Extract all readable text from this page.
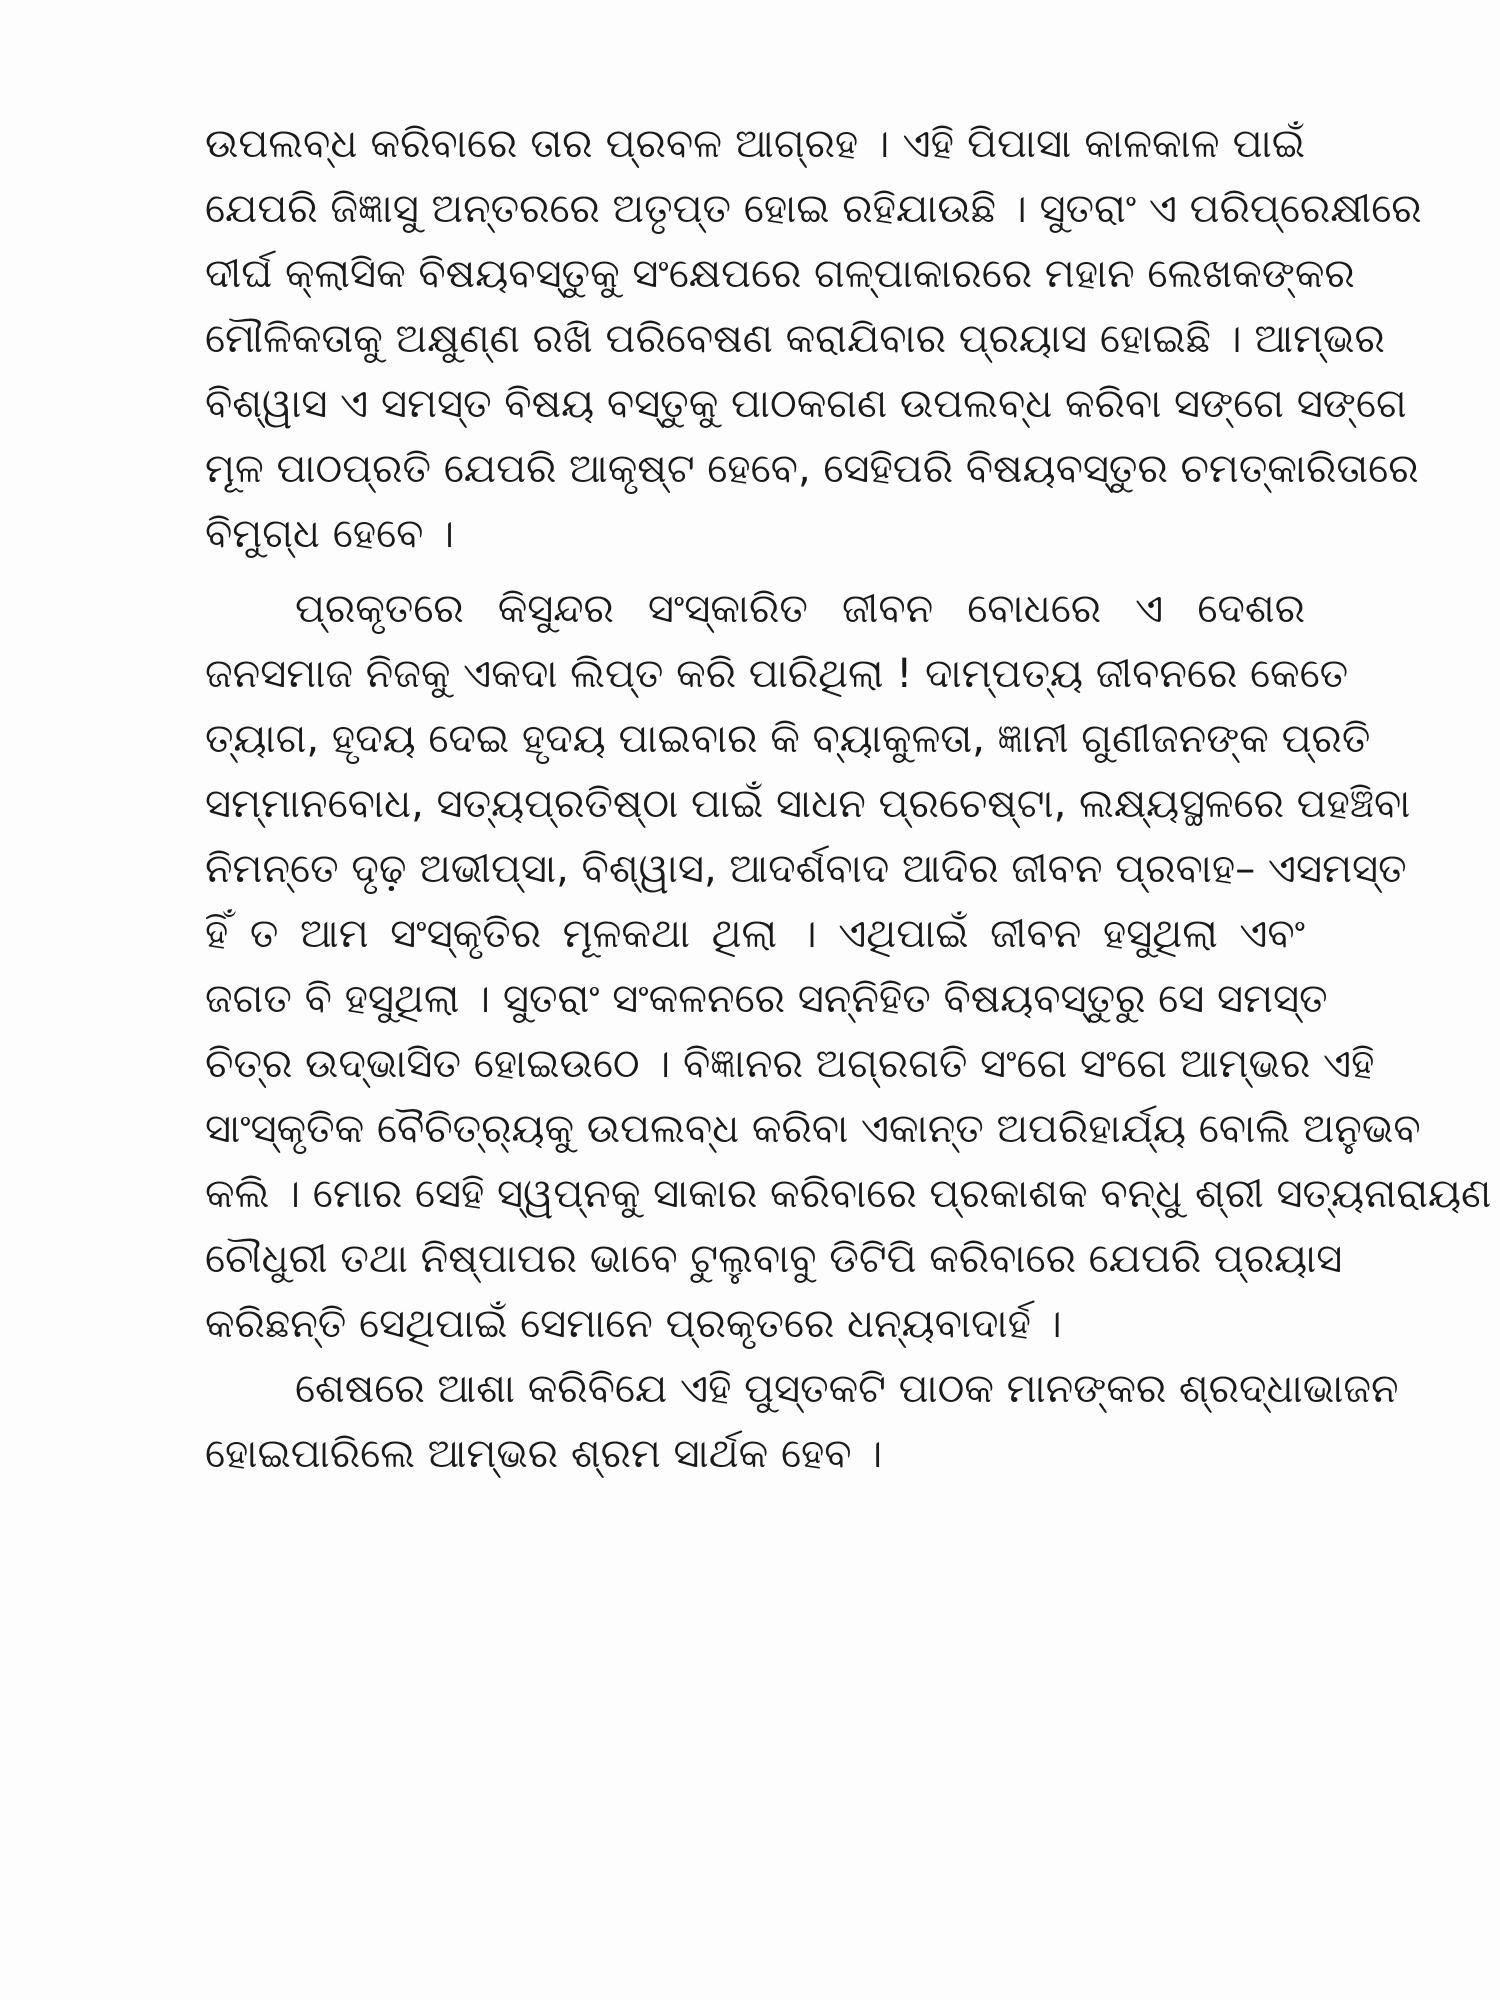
ଉପଲବ୍ଧ କରିବାରେ ତାର ପ୍ରବଳ ଆଗ୍ରହ । ଏହି ପିପାସା କାଳକାଳ ପାଇଁ
ଯେପରି ଜିଜ୍ଞାସୁ ଅନ୍ତରରେ ଅତୃପ୍ତ ହୋଇ ରହିଯାଉଛି । ସୁତରାଂ ଏ ପରିପ୍ରେକ୍ଷୀରେ
ଦୀର୍ଘ କ୍ଲାସିକ ବିଷୟବସ୍ତୁକୁ ସଂକ୍ଷେପରେ ଗଳ୍ପାକାରରେ ମହାନ ଲେଖକଙ୍କର
ମୌଳିକତାକୁ ଅକ୍ଷୁଣ୍ଣ ରଖି ପରିବେଷଣ କରାଯିବାର ପ୍ରୟାସ ହୋଇଛି । ଆମ୍ଭର
ବିଶ୍ୱାସ ଏ ସମସ୍ତ ବିଷୟ ବସ୍ତୁକୁ ପାଠକଗଣ ଉପଲବ୍ଧ କରିବା ସଙ୍ଗେ ସଙ୍ଗେ
ମୂଳ ପାଠପ୍ରତି ଯେପରି ଆକୃଷ୍ଟ ହେବେ, ସେହିପରି ବିଷୟବସ୍ତୁର ଚମତ୍କାରିତାରେ
ବିମୁଗ୍ଧ ହେବେ ।
ପ୍ରକୃତରେ କିସୁନ୍ଦର ସଂସ୍କାରିତ ଜୀବନ ବୋଧରେ ଏ ଦେଶର
ଜନସମାଜ ନିଜକୁ ଏକଦା ଲିପ୍ତ କରି ପାରିଥିଲା ! ଦାମ୍ପତ୍ୟ ଜୀବନରେ କେତେ
ତ୍ୟାଗ, ହୃଦୟ ଦେଇ ହୃଦୟ ପାଇବାର କି ବ୍ୟାକୁଳତା, ଜ୍ଞାନୀ ଗୁଣୀଜନଙ୍କ ପ୍ରତି
ସମ୍ମାନବୋଧ, ସତ୍ୟପ୍ରତିଷ୍ଠା ପାଇଁ ସାଧନ ପ୍ରଚେଷ୍ଟା, ଲକ୍ଷ୍ୟସ୍ଥଳରେ ପହଞ୍ଚିବା
ନିମନ୍ତେ ଦୃଢ଼ ଅଭୀପ୍ସା, ବିଶ୍ୱାସ, ଆଦର୍ଶବାଦ ଆଦିର ଜୀବନ ପ୍ରବାହ– ଏସମସ୍ତ
ହିଁ ତ ଆମ ସଂସ୍କୃତିର ମୂଳକଥା ଥିଲା । ଏଥିପାଇଁ ଜୀବନ ହସୁଥିଲା ଏବଂ
ଜଗତ ବି ହସୁଥିଲା । ସୁତରାଂ ସଂକଳନରେ ସନ୍ନିହିତ ବିଷୟବସ୍ତୁରୁ ସେ ସମସ୍ତ
ଚିତ୍ର ଉଦ୍‌ଭାସିତ ହୋଇଉଠେ । ବିଜ୍ଞାନର ଅଗ୍ରଗତି ସଂଗେ ସଂଗେ ଆମ୍ଭର ଏହି
ସାଂସ୍କୃତିକ ବୈଚିତ୍ର୍ୟକୁ ଉପଲବ୍ଧ କରିବା ଏକାନ୍ତ ଅପରିହାର୍ଯ୍ୟ ବୋଲି ଅନୁଭବ
କଲି । ମୋର ସେହି ସ୍ୱପ୍ନକୁ ସାକାର କରିବାରେ ପ୍ରକାଶକ ବନ୍ଧୁ ଶ୍ରୀ ସତ୍ୟନାରାୟଣ
ଚୌଧୁରୀ ତଥା ନିଷ୍ପାପର ଭାବେ ଟୁଲୁବାବୁ ଡିଟିପି କରିବାରେ ଯେପରି ପ୍ରୟାସ
କରିଛନ୍ତି ସେଥିପାଇଁ ସେମାନେ ପ୍ରକୃତରେ ଧନ୍ୟବାଦାର୍ହ ।
ଶେଷରେ ଆଶା କରିବିଯେ ଏହି ପୁସ୍ତକଟି ପାଠକ ମାନଙ୍କର ଶ୍ରଦ୍ଧାଭାଜନ
ହୋଇପାରିଲେ ଆମ୍ଭର ଶ୍ରମ ସାର୍ଥକ ହେବ ।
